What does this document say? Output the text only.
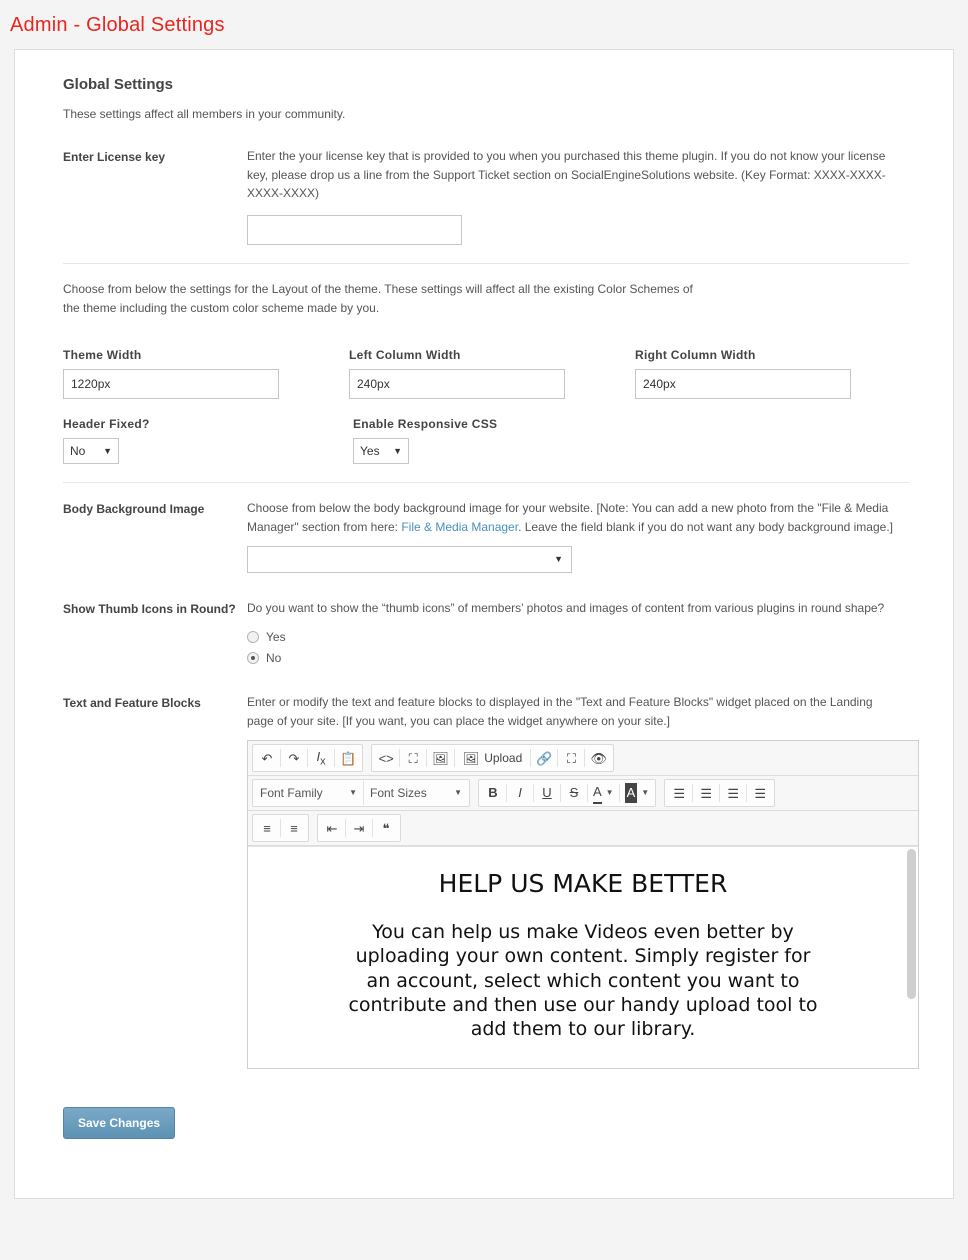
Admin - Global Settings
Global Settings
These settings affect all members in your community.
Enter License key	Enter the your license key that is provided to you when you purchased this theme plugin. If you do not know your license key, please drop us a line from the Support Ticket section on SocialEngineSolutions website. (Key Format: XXXX-XXXX-XXXX-XXXX)

Choose from below the settings for the Layout of the theme. These settings will affect all the existing Color Schemes of the theme including the custom color scheme made by you.
Theme Width
1220px	Left Column Width
240px	Right Column Width
240px
Header Fixed?
No
▼
Enable Responsive CSS
Yes
▼
Body Background Image	Choose from below the body background image for your website. [Note: You can add a new photo from the "File & Media Manager" section from here: File & Media Manager. Leave the field blank if you do not want any body background image.]

▼
Show Thumb Icons in Round? Do you want to show the “thumb icons” of members’ photos and images of content from various plugins in round shape?

Yes
No
Text and Feature Blocks	Enter or modify the text and feature blocks to displayed in the "Text and Feature Blocks" widget placed on the Landing page of your site. [If you want, you can place the widget anywhere on your site.]

↶ ↷ $I_x$ 📋 <> ⛶ 🖼 🖼 Upload 🔗 ⛶ 👁
Font Family	▼ Font Sizes	▼ B I U S A ▼ A ▼ ☰ ☰ ☰ ☰
≡ ≡ ⇤ ⇥ ❝
HELP US MAKE BETTER
You can help us make Videos even better by uploading your own content. Simply register for an account, select which content you want to contribute and then use our handy upload tool to add them to our library.
Save Changes
